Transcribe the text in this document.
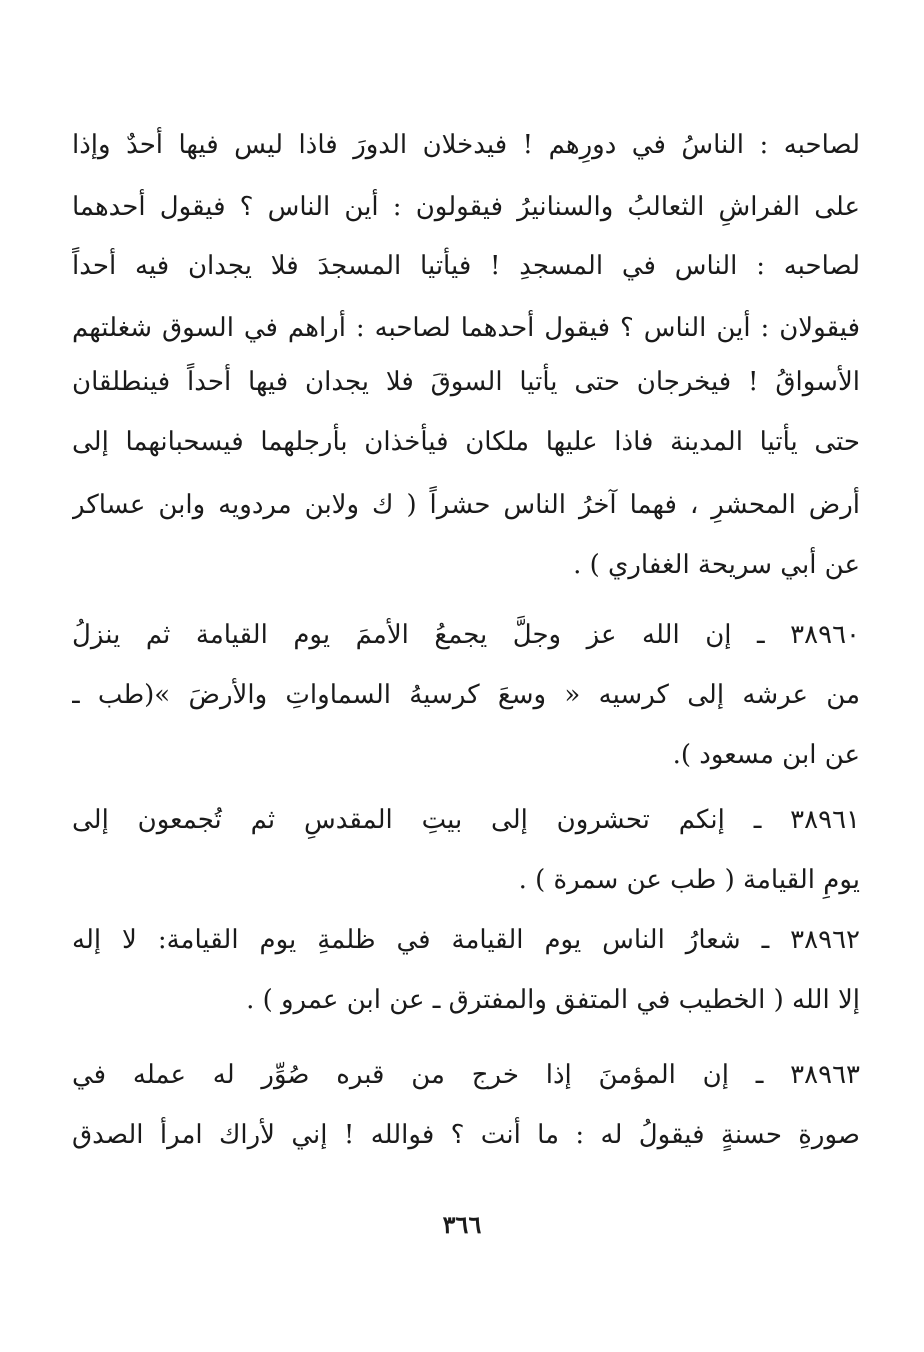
لصاحبه : الناسُ في دورِهم ! فيدخلان الدورَ فاذا ليس فيها أحدٌ وإذا
على الفراشِ الثعالبُ والسنانيرُ فيقولون : أين الناس ؟ فيقول أحدهما
لصاحبه : الناس في المسجدِ ! فيأتيا المسجدَ فلا يجدان فيه أحداً
فيقولان : أين الناس ؟ فيقول أحدهما لصاحبه : أراهم في السوق شغلتهم
الأسواقُ ! فيخرجان حتى يأتيا السوقَ فلا يجدان فيها أحداً فينطلقان
حتى يأتيا المدينة فاذا عليها ملكان فيأخذان بأرجلهما فيسحبانهما إلى
أرض المحشرِ ، فهما آخرُ الناس حشراً ( ك ولابن مردويه وابن عساكر
عن أبي سريحة الغفاري ) .
٣٨٩٦٠ ـ إن الله عز وجلَّ يجمعُ الأممَ يوم القيامة ثم ينزلُ
من عرشه إلى كرسيه « وسعَ كرسيهُ السماواتِ والأرضَ »(طب ـ
عن ابن مسعود ).
٣٨٩٦١ ـ إنكم تحشرون إلى بيتِ المقدسِ ثم تُجمعون إلى
يومِ القيامة ( طب عن سمرة ) .
٣٨٩٦٢ ـ شعارُ الناس يوم القيامة في ظلمةِ يوم القيامة: لا إله
إلا الله ( الخطيب في المتفق والمفترق ـ عن ابن عمرو ) .
٣٨٩٦٣ ـ إن المؤمنَ إذا خرج من قبره صُوِّر له عمله في
صورةِ حسنةٍ فيقولُ له : ما أنت ؟ فوالله ! إني لأراك امرأ الصدق
٣٦٦
